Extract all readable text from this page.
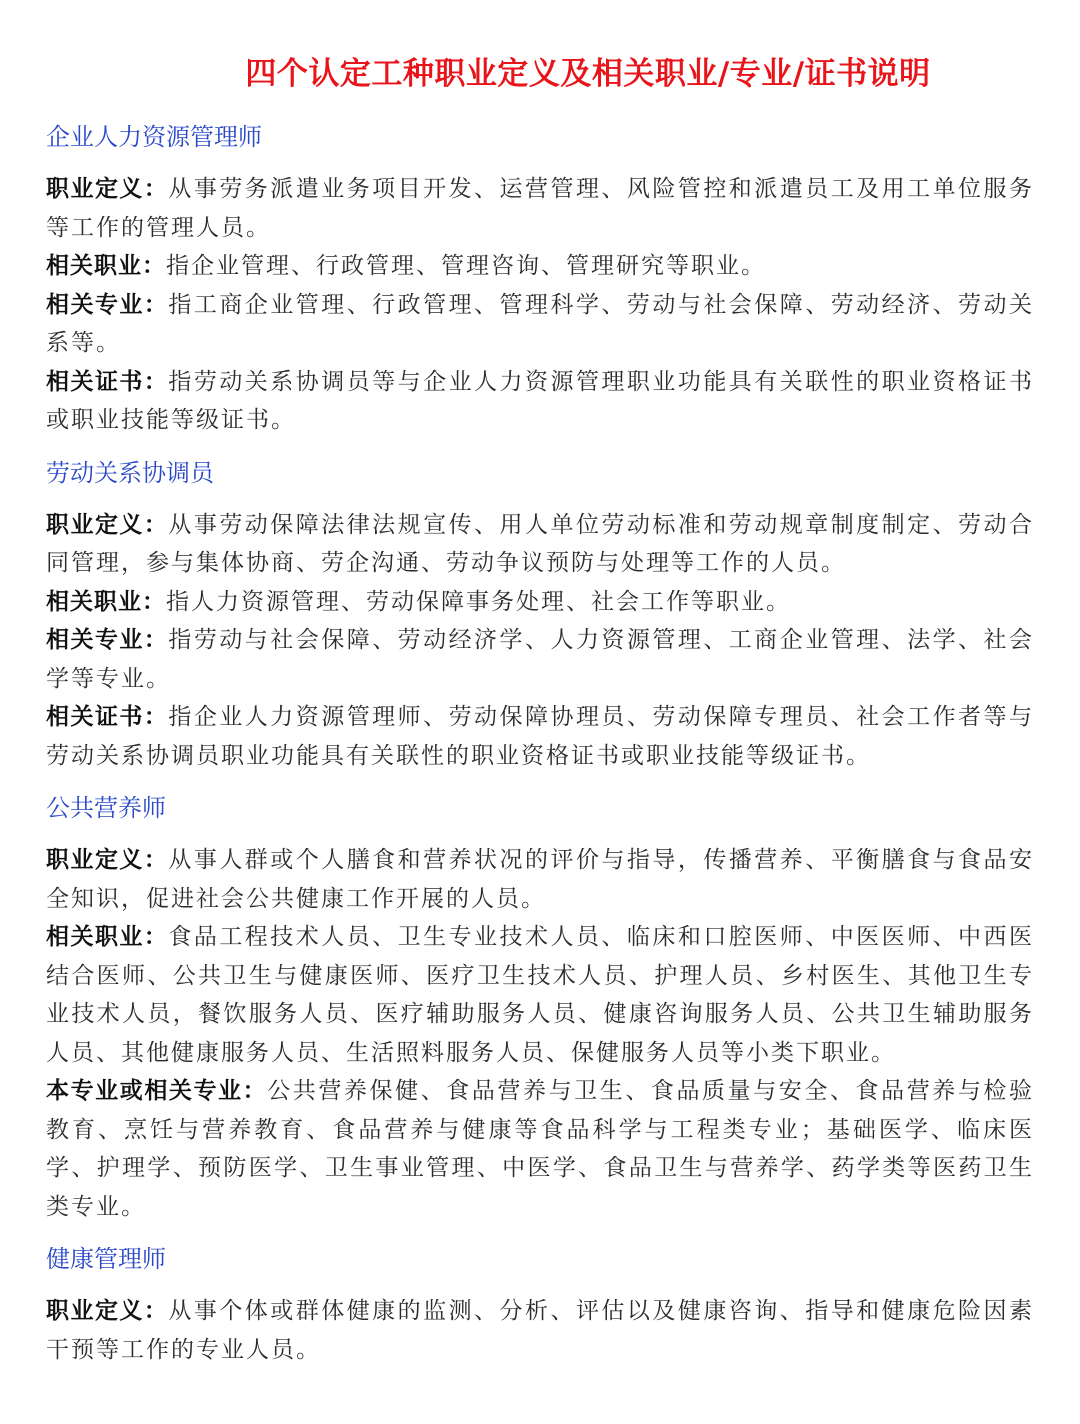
四个认定工种职业定义及相关职业/专业/证书说明
企业人力资源管理师

职业定义：从事劳务派遣业务项目开发、运营管理、风险管控和派遣员工及用工单位服务等工作的管理人员。

相关职业：指企业管理、行政管理、管理咨询、管理研究等职业。

相关专业：指工商企业管理、行政管理、管理科学、劳动与社会保障、劳动经济、劳动关系等。

相关证书：指劳动关系协调员等与企业人力资源管理职业功能具有关联性的职业资格证书或职业技能等级证书。

劳动关系协调员

职业定义：从事劳动保障法律法规宣传、用人单位劳动标准和劳动规章制度制定、劳动合同管理，参与集体协商、劳企沟通、劳动争议预防与处理等工作的人员。

相关职业：指人力资源管理、劳动保障事务处理、社会工作等职业。

相关专业：指劳动与社会保障、劳动经济学、人力资源管理、工商企业管理、法学、社会学等专业。

相关证书：指企业人力资源管理师、劳动保障协理员、劳动保障专理员、社会工作者等与劳动关系协调员职业功能具有关联性的职业资格证书或职业技能等级证书。

公共营养师

职业定义：从事人群或个人膳食和营养状况的评价与指导，传播营养、平衡膳食与食品安全知识，促进社会公共健康工作开展的人员。

相关职业：食品工程技术人员、卫生专业技术人员、临床和口腔医师、中医医师、中西医结合医师、公共卫生与健康医师、医疗卫生技术人员、护理人员、乡村医生、其他卫生专业技术人员，餐饮服务人员、医疗辅助服务人员、健康咨询服务人员、公共卫生辅助服务人员、其他健康服务人员、生活照料服务人员、保健服务人员等小类下职业。

本专业或相关专业：公共营养保健、食品营养与卫生、食品质量与安全、食品营养与检验教育、烹饪与营养教育、食品营养与健康等食品科学与工程类专业；基础医学、临床医学、护理学、预防医学、卫生事业管理、中医学、食品卫生与营养学、药学类等医药卫生类专业。

健康管理师

职业定义：从事个体或群体健康的监测、分析、评估以及健康咨询、指导和健康危险因素干预等工作的专业人员。
